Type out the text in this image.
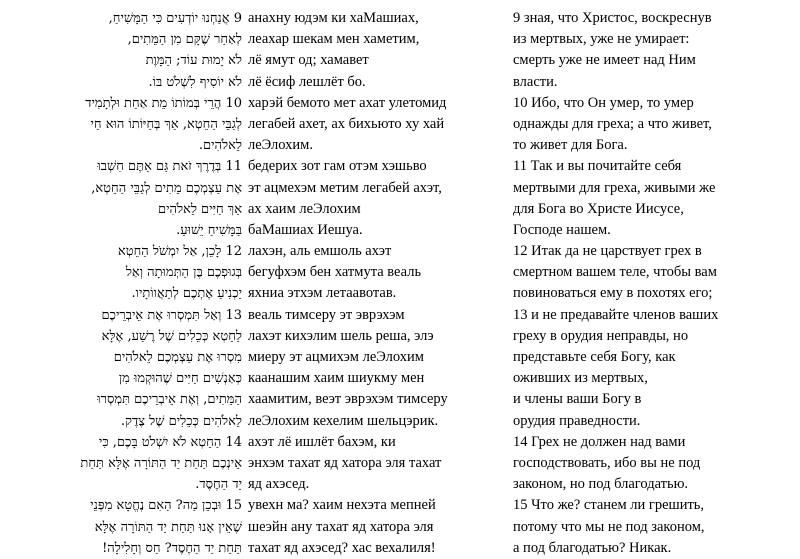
9 אֲנַחְנוּ יוֹדְעִים כִּי הַמָּשִׁיחַ,
לְאַחַר שֶׁקָּם מִן הַמֵּתִים,
לֹא יָמוּת עוֹד; הַמָּוֶת
לֹא יוֹסִיף לִשְׁלֹט בּוֹ.
10 הֲרֵי בְּמוֹתוֹ מֵת אַחַת וּלְתָמִיד
לְגַבֵּי הַחֵטְא, אַךְ בְּחַיּוֹתוֹ הוּא חַי
לֵאלֹהִים.
11 בְּדֶרֶךְ זֹאת גַּם אַתֶּם חִשְׁבוּ
אֶת עַצְמְכֶם מֵתִים לְגַבֵּי הַחֵטְא,
אַךְ חַיִּים לֵאלֹהִים
בַּמָּשִׁיחַ יֵשׁוּעַ.
12 לָכֵן, אַל יִמְשֹׁל הַחֵטְא
בְּגוּפְכֶם בֶּן הַתְּמוּתָה וְאַל
יַכְנִיעַ אֶתְכֶם לְתַאֲווֹתָיו.
13 וְאַל תִּמְסְרוּ אֶת אֵיבְרֵיכֶם
לַחֵטְא כְּכֵלִים שֶׁל רֶשַׁע, אֶלָּא
מִסְרוּ אֶת עַצְמְכֶם לֵאלֹהִים
כְּאַנְשִׁים חַיִּים שֶׁהוּקְמוּ מִן
הַמֵּתִים, וְאֶת אֵיבְרֵיכֶם תִּמְסְרוּ
לֵאלֹהִים כְּכֵלִים שֶׁל צֶדֶק.
14 הַחֵטְא לֹא יִשְׁלֹט בָּכֶם, כִּי
אֵינְכֶם תַּחַת יַד הַתּוֹרָה אֶלָּא תַּחַת
יַד הַחֶסֶד.
15 וּבְכֵן מַה? הַאִם נֶחֱטָא מִפְּנֵי
שֶׁאֵין אָנוּ תַּחַת יַד הַתּוֹרָה אֶלָּא
תַּחַת יַד הַחֶסֶד? חַס וְחָלִילָה!
анахну юдэм ки хаМашиах,
леахар шекам мен хаметим,
лё ямут од; хамавет
лё ёсиф лешлёт бо.
харэй бемото мет ахат улетомид
легабей ахет, ах бихьюто ху хай
леЭлохим.
бедерих зот гам отэм хэшьво
эт ацмехэм метим легабей ахэт,
ах хаим леЭлохим
баМашиах Иешуа.
лахэн, аль емшоль ахэт
бегуфхэм бен хатмута веаль
яхниа этхэм летаавотав.
веаль тимсеру эт эврэхэм
лахэт кихэлим шель реша, элэ
миеру эт ацмихэм леЭлохим
каанашим хаим шиукму мен
хаамитим, веэт эврэхэм тимсеру
леЭлохим кехелим шельцэрик.
ахэт лё ишлёт бахэм, ки
энхэм тахат яд хатора эля тахат
яд ахэсед.
увехн ма? хаим нехэта мепней
шеэйн ану тахат яд хатора эля
тахат яд ахэсед? хас вехалиля!
9 зная, что Христос, воскреснув
из мертвых, уже не умирает:
смерть уже не имеет над Ним
власти.
10 Ибо, что Он умер, то умер
однажды для греха; а что живет,
то живет для Бога.
11 Так и вы почитайте себя
мертвыми для греха, живыми же
для Бога во Христе Иисусе,
Господе нашем.
12 Итак да не царствует грех в
смертном вашем теле, чтобы вам
повиноваться ему в похотях его;
13 и не предавайте членов ваших
греху в орудия неправды, но
представьте себя Богу, как
оживших из мертвых,
и члены ваши Богу в
орудия праведности.
14 Грех не должен над вами
господствовать, ибо вы не под
законом, но под благодатью.
15 Что же? станем ли грешить,
потому что мы не под законом,
а под благодатью? Никак.
